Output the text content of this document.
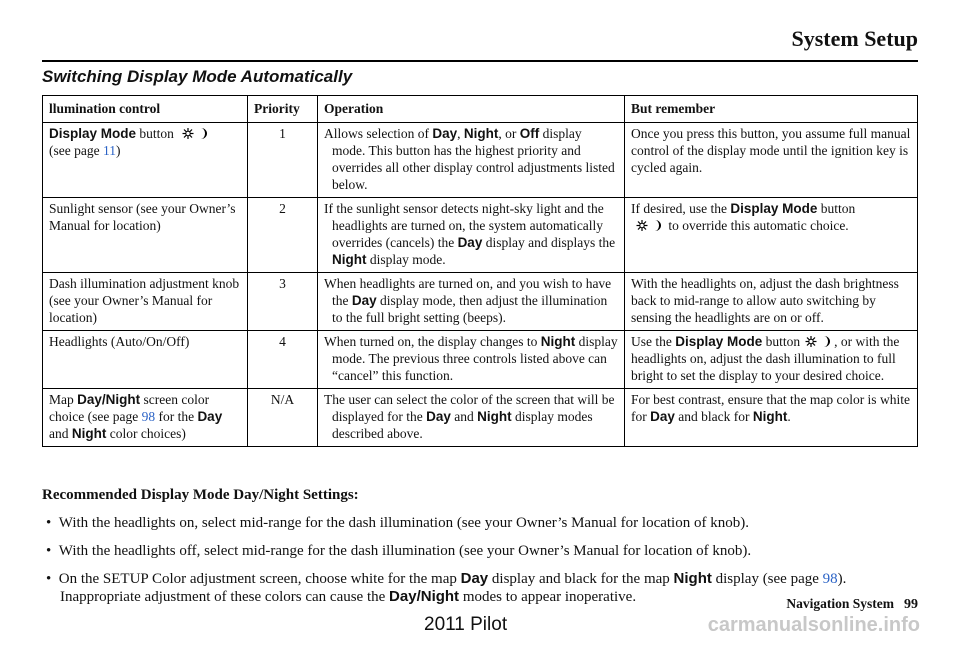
System Setup
Switching Display Mode Automatically
llumination control	Priority	Operation	But remember
Display Mode button
(see page 11)	1	Allows selection of Day, Night, or Off display mode. This button has the highest priority and overrides all other display control adjustments listed below.	Once you press this button, you assume full manual control of the display mode until the ignition key is cycled again.
Sunlight sensor (see your Owner’s Manual for location)	2	If the sunlight sensor detects night-sky light and the headlights are turned on, the system automatically overrides (cancels) the Day display and displays the Night display mode.	If desired, use the Display Mode button
to override this automatic choice.
Dash illumination adjustment knob (see your Owner’s Manual for location)	3	When headlights are turned on, and you wish to have the Day display mode, then adjust the illumination to the full bright setting (beeps).	With the headlights on, adjust the dash brightness back to mid-range to allow auto switching by sensing the headlights are on or off.
Headlights (Auto/On/Off)	4	When turned on, the display changes to Night display mode. The previous three controls listed above can “cancel” this function.	Use the Display Mode button , or with the headlights on, adjust the dash illumination to full bright to set the display to your desired choice.
Map Day/Night screen color choice (see page 98 for the Day and Night color choices)	N/A	The user can select the color of the screen that will be displayed for the Day and Night display modes described above.	For best contrast, ensure that the map color is white for Day and black for Night.
Recommended Display Mode Day/Night Settings:
•  With the headlights on, select mid-range for the dash illumination (see your Owner’s Manual for location of knob).
•  With the headlights off, select mid-range for the dash illumination (see your Owner’s Manual for location of knob).
•  On the SETUP Color adjustment screen, choose white for the map Day display and black for the map Night display (see page 98). Inappropriate adjustment of these colors can cause the Day/Night modes to appear inoperative.
2011 Pilot	carmanualsonline.info
Navigation System 99
